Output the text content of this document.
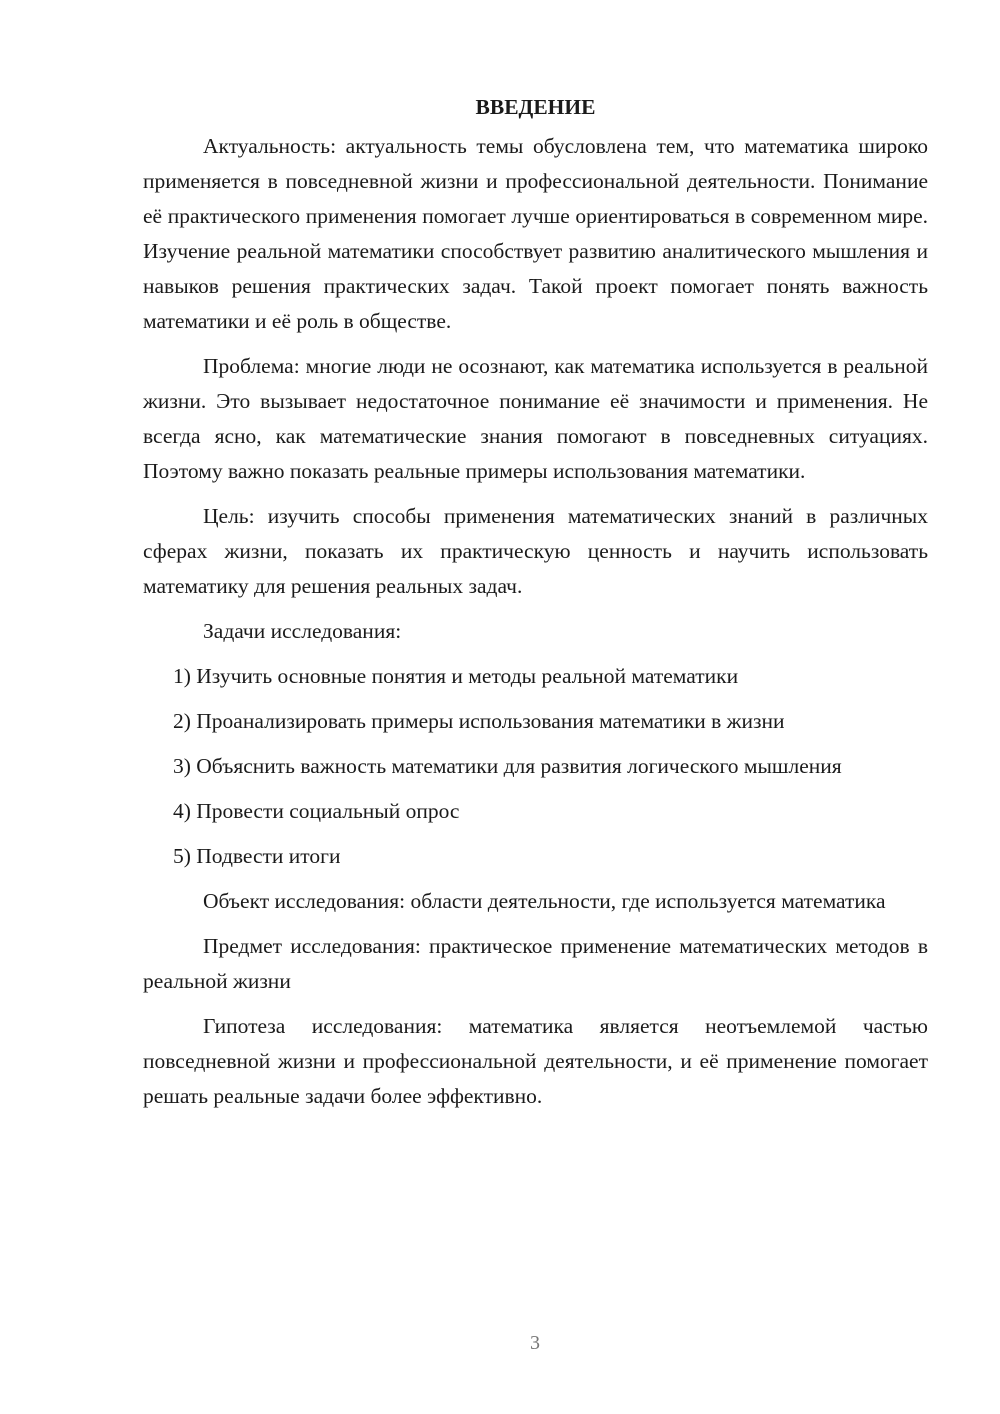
ВВЕДЕНИЕ

Актуальность: актуальность темы обусловлена тем, что математика широко применяется в повседневной жизни и профессиональной деятельности. Понимание её практического применения помогает лучше ориентироваться в современном мире. Изучение реальной математики способствует развитию аналитического мышления и навыков решения практических задач. Такой проект помогает понять важность математики и её роль в обществе.

Проблема: многие люди не осознают, как математика используется в реальной жизни. Это вызывает недостаточное понимание её значимости и применения. Не всегда ясно, как математические знания помогают в повседневных ситуациях. Поэтому важно показать реальные примеры использования математики.

Цель: изучить способы применения математических знаний в различных сферах жизни, показать их практическую ценность и научить использовать математику для решения реальных задач.

Задачи исследования:

1) Изучить основные понятия и методы реальной математики

2) Проанализировать примеры использования математики в жизни

3) Объяснить важность математики для развития логического мышления

4) Провести социальный опрос

5) Подвести итоги

Объект исследования: области деятельности, где используется математика

Предмет исследования: практическое применение математических методов в реальной жизни

Гипотеза исследования: математика является неотъемлемой частью повседневной жизни и профессиональной деятельности, и её применение помогает решать реальные задачи более эффективно.

3
